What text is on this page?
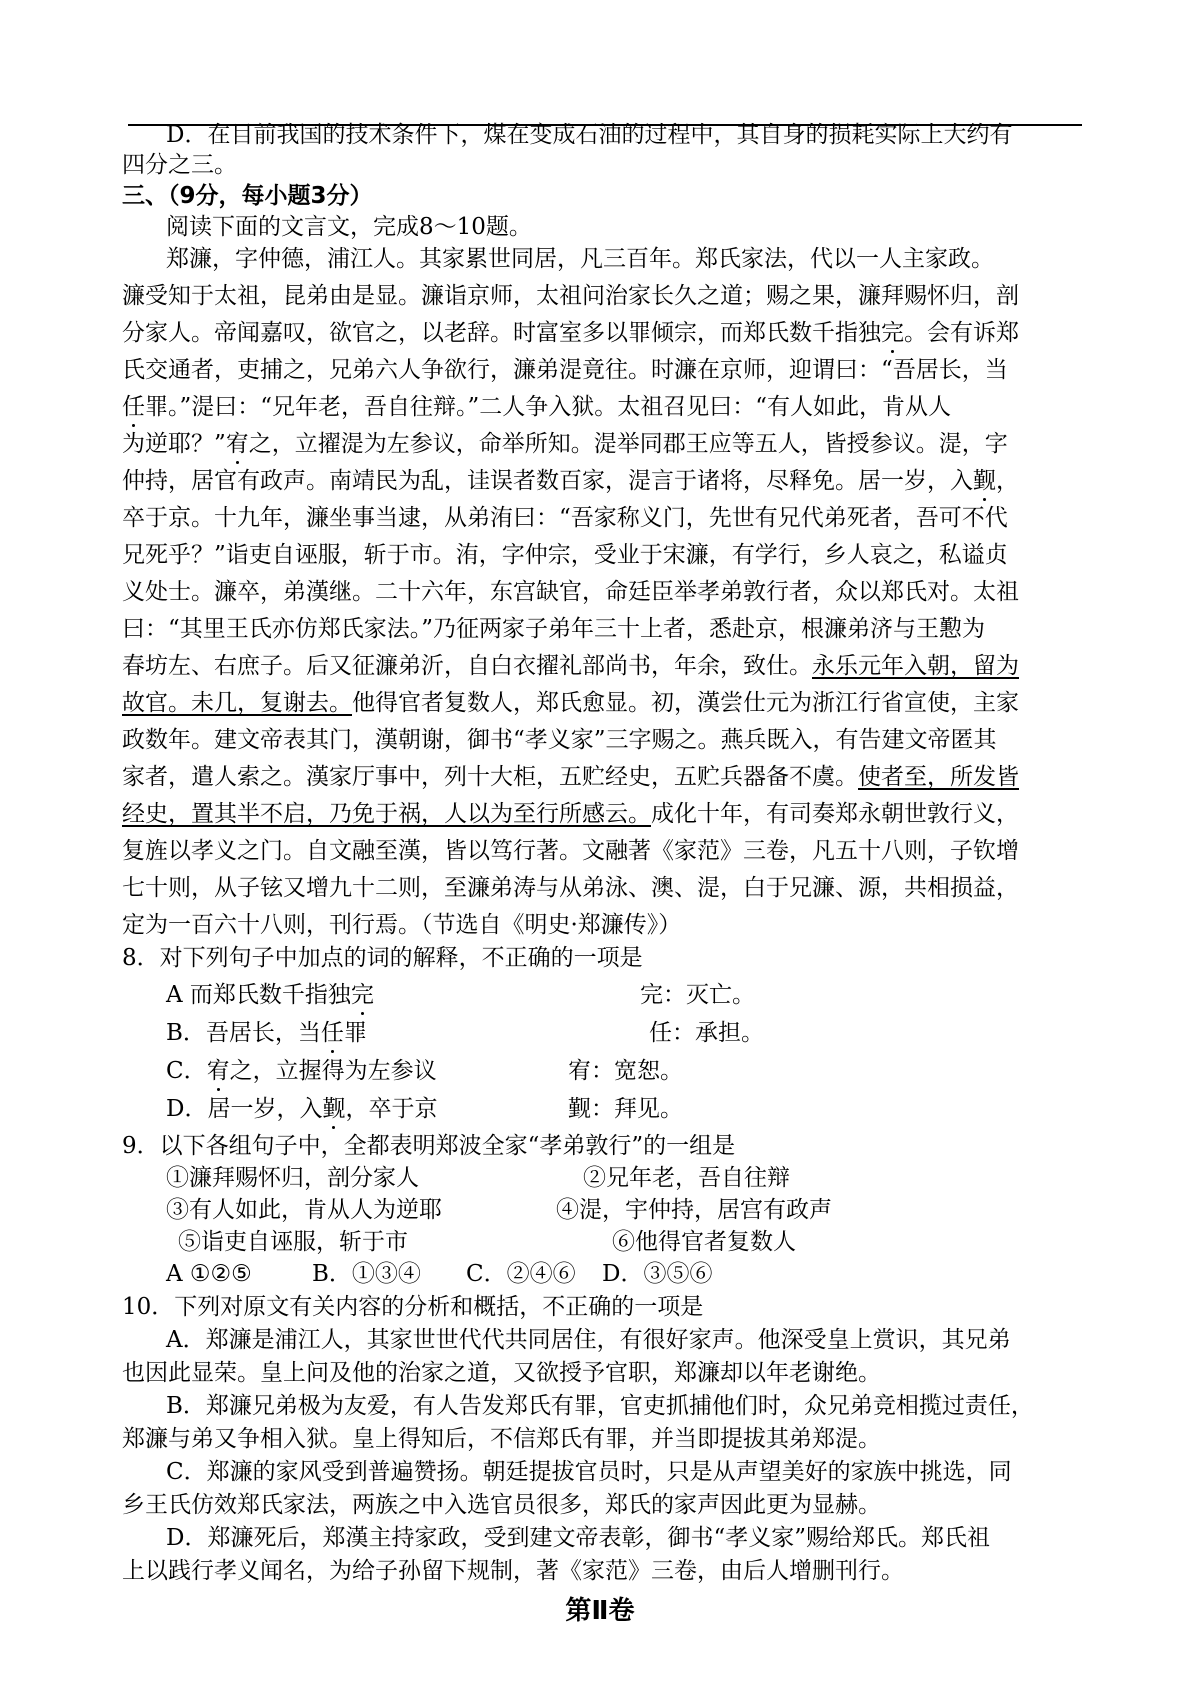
D．在目前我国的技术条件下，煤在变成石油的过程中，其自身的损耗实际上大约有
四分之三。
三、（9分，每小题3分）
阅读下面的文言文，完成8～10题。
郑濂，字仲德，浦江人。其家累世同居，凡三百年。郑氏家法，代以一人主家政。
濂受知于太祖，昆弟由是显。濂诣京师，太祖问治家长久之道；赐之果，濂拜赐怀归，剖
分家人。帝闻嘉叹，欲官之，以老辞。时富室多以罪倾宗，而郑氏数千指独完。会有诉郑
氏交通者，吏捕之，兄弟六人争欲行，濂弟湜竟往。时濂在京师，迎谓曰：“吾居长，当
任罪。”湜曰：“兄年老，吾自往辩。”二人争入狱。太祖召见曰：“有人如此，肯从人
为逆耶？”宥之，立擢湜为左参议，命举所知。湜举同郡王应等五人，皆授参议。湜，字
仲持，居官有政声。南靖民为乱，诖误者数百家，湜言于诸将，尽释免。居一岁，入觐，
卒于京。十九年，濂坐事当逮，从弟洧曰：“吾家称义门，先世有兄代弟死者，吾可不代
兄死乎？”诣吏自诬服，斩于市。洧，字仲宗，受业于宋濂，有学行，乡人哀之，私谥贞
义处士。濂卒，弟漢继。二十六年，东宫缺官，命廷臣举孝弟敦行者，众以郑氏对。太祖
曰：“其里王氏亦仿郑氏家法。”乃征两家子弟年三十上者，悉赴京，根濂弟济与王懃为
春坊左、右庶子。后又征濂弟沂，自白衣擢礼部尚书，年余，致仕。永乐元年入朝，留为
故官。未几，复谢去。他得官者复数人，郑氏愈显。初，漢尝仕元为浙江行省宣使，主家
政数年。建文帝表其门，漢朝谢，御书“孝义家”三字赐之。燕兵既入，有告建文帝匿其
家者，遣人索之。漢家厅事中，列十大柜，五贮经史，五贮兵器备不虞。使者至，所发皆
经史，置其半不启，乃免于祸，人以为至行所感云。成化十年，有司奏郑永朝世敦行义，
复旌以孝义之门。自文融至漢，皆以笃行著。文融著《家范》三卷，凡五十八则，子钦增
七十则，从子铉又增九十二则，至濂弟涛与从弟泳、澳、湜，白于兄濂、源，共相损益，
定为一百六十八则，刊行焉。（节选自《明史·郑濂传》）
8．对下列句子中加点的词的解释，不正确的一项是
A 而郑氏数千指独完	完：灭亡。
B．吾居长，当任罪	任：承担。
C．宥之，立握得为左参议	宥：宽恕。
D．居一岁，入觐，卒于京	觐：拜见。
9．以下各组句子中，全都表明郑波全家“孝弟敦行”的一组是
①濂拜赐怀归，剖分家人	②兄年老，吾自往辩
③有人如此，肯从人为逆耶	④湜，宇仲持，居宫有政声
⑤诣吏自诬服，斩于市	⑥他得官者复数人
A ①②⑤	B．①③④ C．②④⑥ D．③⑤⑥
10．下列对原文有关内容的分析和概括，不正确的一项是
A．郑濂是浦江人，其家世世代代共同居住，有很好家声。他深受皇上赏识，其兄弟
也因此显荣。皇上问及他的治家之道，又欲授予官职，郑濂却以年老谢绝。
B．郑濂兄弟极为友爱，有人告发郑氏有罪，官吏抓捕他们时，众兄弟竞相揽过责任，
郑濂与弟又争相入狱。皇上得知后，不信郑氏有罪，并当即提拔其弟郑湜。
C．郑濂的家风受到普遍赞扬。朝廷提拔官员时，只是从声望美好的家族中挑选，同
乡王氏仿效郑氏家法，两族之中入选官员很多，郑氏的家声因此更为显赫。
D．郑濂死后，郑漢主持家政，受到建文帝表彰，御书“孝义家”赐给郑氏。郑氏祖
上以践行孝义闻名，为给子孙留下规制，著《家范》三卷，由后人增删刊行。
第Ⅱ卷
